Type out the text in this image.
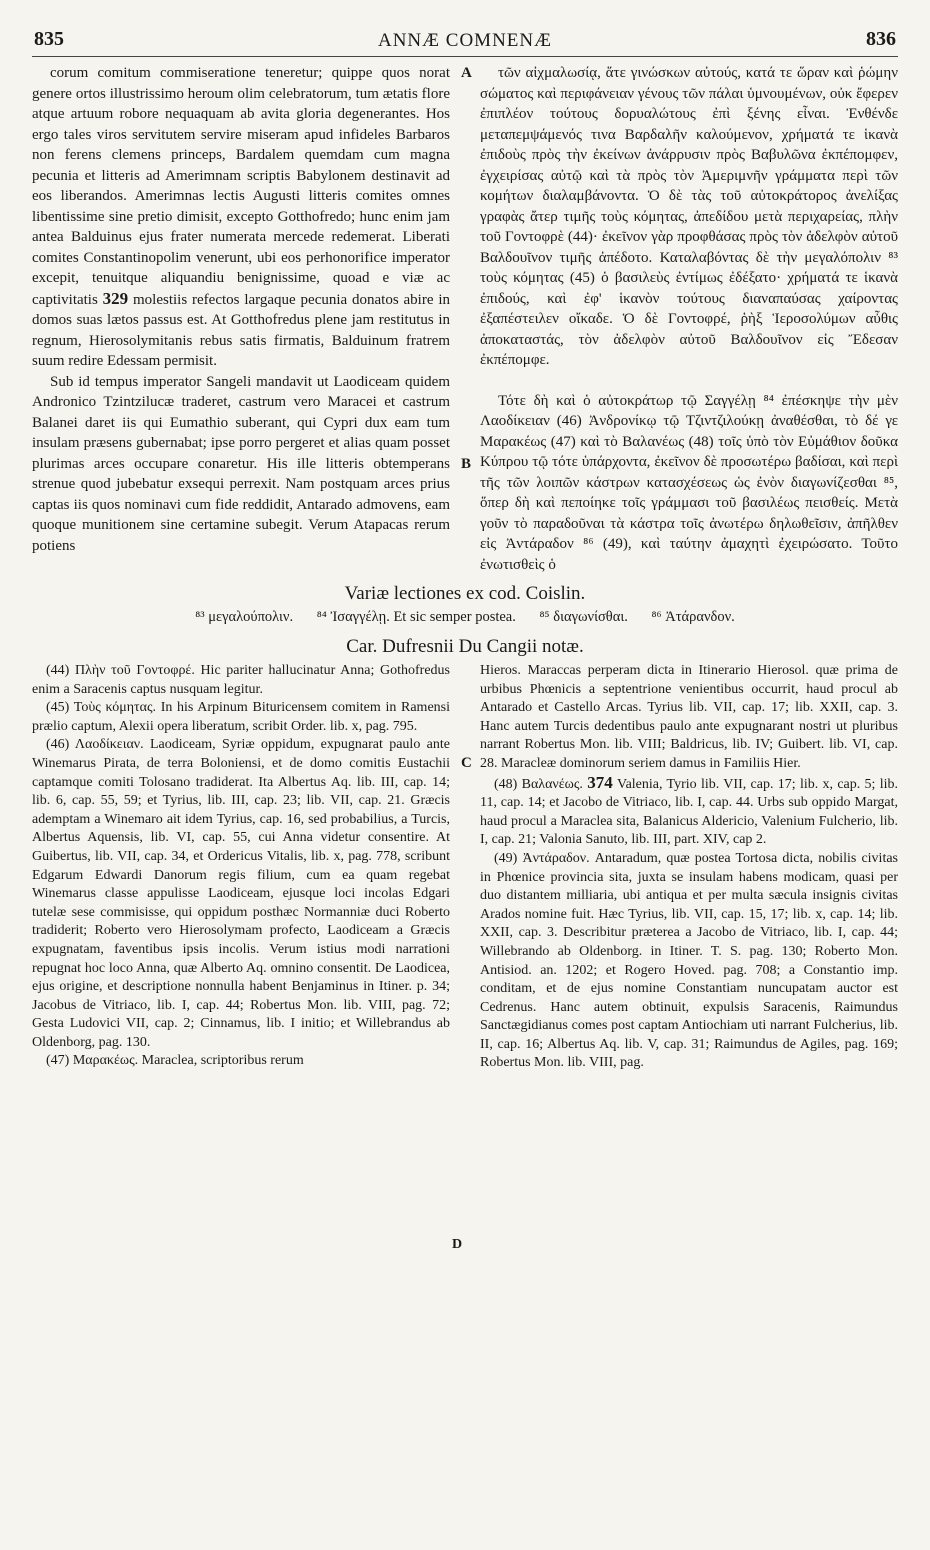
835	ANNÆ COMNENÆ	836

corum comitum commiseratione teneretur; quippe quos norat genere ortos illustrissimo heroum olim celebratorum, tum ætatis flore atque artuum robore nequaquam ab avita gloria degenerantes. Hos ergo tales viros servitutem servire miseram apud infideles Barbaros non ferens clemens princeps, Bardalem quemdam cum magna pecunia et litteris ad Amerimnam scriptis Babylonem destinavit ad eos liberandos. Amerimnas lectis Augusti litteris comites omnes libentissime sine pretio dimisit, excepto Gotthofredo; hunc enim jam antea Balduinus ejus frater numerata mercede redemerat. Liberati comites Constantinopolim venerunt, ubi eos perhonorifice imperator excepit, tenuitque aliquandiu benignissime, quoad e viæ ac captivitatis 329 molestiis refectos largaque pecunia donatos abire in domos suas lætos passus est. At Gotthofredus plene jam restitutus in regnum, Hierosolymitanis rebus satis firmatis, Balduinum fratrem suum redire Edessam permisit.

Sub id tempus imperator Sangeli mandavit ut Laodiceam quidem Andronico Tzintzilucæ traderet, castrum vero Maracei et castrum Balanei daret iis qui Eumathio suberant, qui Cypri dux eam tum insulam præsens gubernabat; ipse porro pergeret et alias quam posset plurimas arces occupare conaretur. His ille litteris obtemperans strenue quod jubebatur exsequi perrexit. Nam postquam arces prius captas iis quos nominavi cum fide reddidit, Antarado admovens, eam quoque munitionem sine certamine subegit. Verum Atapacas rerum potiens

A
B
C

τῶν αἰχμαλωσίᾳ, ἅτε γινώσκων αὐτούς, κατά τε ὥραν καὶ ῥώμην σώματος καὶ περιφάνειαν γένους τῶν πάλαι ὑμνουμένων, οὐκ ἔφερεν ἐπιπλέον τούτους δορυαλώτους ἐπὶ ξένης εἶναι. Ἐνθένδε μεταπεμψάμενός τινα Βαρδαλῆν καλούμενον, χρήματά τε ἱκανὰ ἐπιδοὺς πρὸς τὴν ἐκείνων ἀνάρρυσιν πρὸς Βαβυλῶνα ἐκπέπομφεν, ἐγχειρίσας αὐτῷ καὶ τὰ πρὸς τὸν Ἀμεριμνῆν γράμματα περὶ τῶν κομήτων διαλαμβάνοντα. Ὁ δὲ τὰς τοῦ αὐτοκράτορος ἀνελίξας γραφὰς ἄτερ τιμῆς τοὺς κόμητας, ἀπεδίδου μετὰ περιχαρείας, πλὴν τοῦ Γοντοφρὲ (44)· ἐκεῖνον γὰρ προφθάσας πρὸς τὸν ἀδελφὸν αὐτοῦ Βαλδουῖνον τιμῆς ἀπέδοτο. Καταλαβόντας δὲ τὴν μεγαλόπολιν ⁸³ τοὺς κόμητας (45) ὁ βασιλεὺς ἐντίμως ἐδέξατο· χρήματά τε ἱκανὰ ἐπιδούς, καὶ ἐφ' ἱκανὸν τούτους διαναπαύσας χαίροντας ἐξαπέστειλεν οἴκαδε. Ὁ δὲ Γοντοφρέ, ῥὴξ Ἱεροσολύμων αὖθις ἀποκαταστάς, τὸν ἀδελφὸν αὐτοῦ Βαλδουῖνον εἰς Ἔδεσαν ἐκπέπομφε.

Τότε δὴ καὶ ὁ αὐτοκράτωρ τῷ Σαγγέλῃ ⁸⁴ ἐπέσκηψε τὴν μὲν Λαοδίκειαν (46) Ἀνδρονίκῳ τῷ Τζιντζιλούκῃ ἀναθέσθαι, τὸ δέ γε Μαρακέως (47) καὶ τὸ Βαλανέως (48) τοῖς ὑπὸ τὸν Εὐμάθιον δοῦκα Κύπρου τῷ τότε ὑπάρχοντα, ἐκεῖνον δὲ προσωτέρω βαδίσαι, καὶ περὶ τῆς τῶν λοιπῶν κάστρων κατασχέσεως ὡς ἐνὸν διαγωνίζεσθαι ⁸⁵, ὅπερ δὴ καὶ πεποίηκε τοῖς γράμμασι τοῦ βασιλέως πεισθείς. Μετὰ γοῦν τὸ παραδοῦναι τὰ κάστρα τοῖς ἀνωτέρω δηλωθεῖσιν, ἀπῆλθεν εἰς Ἀντάραδον ⁸⁶ (49), καὶ ταύτην ἀμαχητὶ ἐχειρώσατο. Τοῦτο ἐνωτισθεὶς ὁ

Variæ lectiones ex cod. Coislin.
⁸³ μεγαλούπολιν. ⁸⁴ Ἰσαγγέλῃ. Et sic semper postea. ⁸⁵ διαγωνίσθαι. ⁸⁶ Ἀτάρανδον.
Car. Dufresnii Du Cangii notæ.

(44) Πλὴν τοῦ Γοντοφρέ. Hic pariter hallucinatur Anna; Gothofredus enim a Saracenis captus nusquam legitur.

(45) Τοὺς κόμητας. In his Arpinum Bituricensem comitem in Ramensi prælio captum, Alexii opera liberatum, scribit Order. lib. x, pag. 795.

(46) Λαοδίκειαν. Laodiceam, Syriæ oppidum, expugnarat paulo ante Winemarus Pirata, de terra Boloniensi, et de domo comitis Eustachii captamque comiti Tolosano tradiderat. Ita Albertus Aq. lib. III, cap. 14; lib. 6, cap. 55, 59; et Tyrius, lib. III, cap. 23; lib. VII, cap. 21. Græcis ademptam a Winemaro ait idem Tyrius, cap. 16, sed probabilius, a Turcis, Albertus Aquensis, lib. VI, cap. 55, cui Anna videtur consentire. At Guibertus, lib. VII, cap. 34, et Ordericus Vitalis, lib. x, pag. 778, scribunt Edgarum Edwardi Danorum regis filium, cum ea quam regebat Winemarus classe appulisse Laodiceam, ejusque loci incolas Edgari tutelæ sese commisisse, qui oppidum posthæc Normanniæ duci Roberto tradiderit; Roberto vero Hierosolymam profecto, Laodiceam a Græcis expugnatam, faventibus ipsis incolis. Verum istius modi narrationi repugnat hoc loco Anna, quæ Alberto Aq. omnino consentit. De Laodicea, ejus origine, et descriptione nonnulla habent Benjaminus in Itiner. p. 34; Jacobus de Vitriaco, lib. I, cap. 44; Robertus Mon. lib. VIII, pag. 72; Gesta Ludovici VII, cap. 2; Cinnamus, lib. I initio; et Willebrandus ab Oldenborg, pag. 130.

(47) Μαρακέως. Maraclea, scriptoribus rerum

D

Hieros. Maraccas perperam dicta in Itinerario Hierosol. quæ prima de urbibus Phœnicis a septentrione venientibus occurrit, haud procul ab Antarado et Castello Arcas. Tyrius lib. VII, cap. 17; lib. XXII, cap. 3. Hanc autem Turcis dedentibus paulo ante expugnarant nostri ut pluribus narrant Robertus Mon. lib. VIII; Baldricus, lib. IV; Guibert. lib. VI, cap. 28. Maracleæ dominorum seriem damus in Familiis Hier.

(48) Βαλανέως. 374 Valenia, Tyrio lib. VII, cap. 17; lib. x, cap. 5; lib. 11, cap. 14; et Jacobo de Vitriaco, lib. I, cap. 44. Urbs sub oppido Margat, haud procul a Maraclea sita, Balanicus Aldericio, Valenium Fulcherio, lib. I, cap. 21; Valonia Sanuto, lib. III, part. XIV, cap 2.

(49) Ἀντάραδον. Antaradum, quæ postea Tortosa dicta, nobilis civitas in Phœnice provincia sita, juxta se insulam habens modicam, quasi per duo distantem milliaria, ubi antiqua et per multa sæcula insignis civitas Arados nomine fuit. Hæc Tyrius, lib. VII, cap. 15, 17; lib. x, cap. 14; lib. XXII, cap. 3. Describitur præterea a Jacobo de Vitriaco, lib. I, cap. 44; Willebrando ab Oldenborg. in Itiner. T. S. pag. 130; Roberto Mon. Antisiod. an. 1202; et Rogero Hoved. pag. 708; a Constantio imp. conditam, et de ejus nomine Constantiam nuncupatam auctor est Cedrenus. Hanc autem obtinuit, expulsis Saracenis, Raimundus Sanctægidianus comes post captam Antiochiam uti narrant Fulcherius, lib. II, cap. 16; Albertus Aq. lib. V, cap. 31; Raimundus de Agiles, pag. 169; Robertus Mon. lib. VIII, pag.
